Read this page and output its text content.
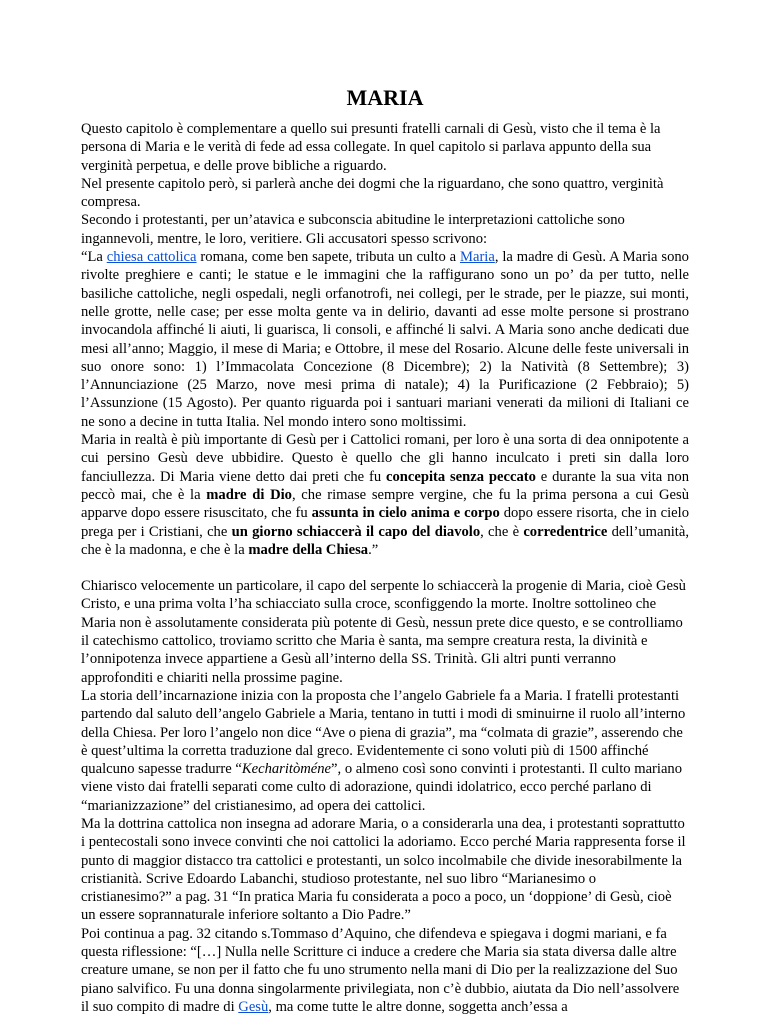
MARIA

Questo capitolo è complementare a quello sui presunti fratelli carnali di Gesù, visto che il tema è la persona di Maria e le verità di fede ad essa collegate. In quel capitolo si parlava appunto della sua verginità perpetua, e delle prove bibliche a riguardo.

Nel presente capitolo però, si parlerà anche dei dogmi che la riguardano, che sono quattro, verginità compresa.

Secondo i protestanti, per un’atavica e subconscia abitudine le interpretazioni cattoliche sono ingannevoli, mentre, le loro, veritiere. Gli accusatori spesso scrivono:

“La chiesa cattolica romana, come ben sapete, tributa un culto a Maria, la madre di Gesù. A Maria sono rivolte preghiere e canti; le statue e le immagini che la raffigurano sono un po’ da per tutto, nelle basiliche cattoliche, negli ospedali, negli orfanotrofi, nei collegi, per le strade, per le piazze, sui monti, nelle grotte, nelle case; per esse molta gente va in delirio, davanti ad esse molte persone si prostrano invocandola affinché li aiuti, li guarisca, li consoli, e affinché li salvi. A Maria sono anche dedicati due mesi all’anno; Maggio, il mese di Maria; e Ottobre, il mese del Rosario. Alcune delle feste universali in suo onore sono: 1) l’Immacolata Concezione (8 Dicembre); 2) la Natività (8 Settembre); 3) l’Annunciazione (25 Marzo, nove mesi prima di natale); 4) la Purificazione (2 Febbraio); 5) l’Assunzione (15 Agosto). Per quanto riguarda poi i santuari mariani venerati da milioni di Italiani ce ne sono a decine in tutta Italia. Nel mondo intero sono moltissimi.

Maria in realtà è più importante di Gesù per i Cattolici romani, per loro è una sorta di dea onnipotente a cui persino Gesù deve ubbidire. Questo è quello che gli hanno inculcato i preti sin dalla loro fanciullezza. Di Maria viene detto dai preti che fu concepita senza peccato e durante la sua vita non peccò mai, che è la madre di Dio, che rimase sempre vergine, che fu la prima persona a cui Gesù apparve dopo essere risuscitato, che fu assunta in cielo anima e corpo dopo essere risorta, che in cielo prega per i Cristiani, che un giorno schiaccerà il capo del diavolo, che è corredentrice dell’umanità, che è la madonna, e che è la madre della Chiesa.”

Chiarisco velocemente un particolare, il capo del serpente lo schiaccerà la progenie di Maria, cioè Gesù Cristo, e una prima volta l’ha schiacciato sulla croce, sconfiggendo la morte. Inoltre sottolineo che Maria non è assolutamente considerata più potente di Gesù, nessun prete dice questo, e se controlliamo il catechismo cattolico, troviamo scritto che Maria è santa, ma sempre creatura resta, la divinità e l’onnipotenza invece appartiene a Gesù all’interno della SS. Trinità. Gli altri punti verranno approfonditi e chiariti nella prossime pagine.

La storia dell’incarnazione inizia con la proposta che l’angelo Gabriele fa a Maria. I fratelli protestanti partendo dal saluto dell’angelo Gabriele a Maria, tentano in tutti i modi di sminuirne il ruolo all’interno della Chiesa. Per loro l’angelo non dice “Ave o piena di grazia”, ma “colmata di grazie”, asserendo che è quest’ultima la corretta traduzione dal greco. Evidentemente ci sono voluti più di 1500 affinché qualcuno sapesse tradurre “Kecharitòméne”, o almeno così sono convinti i protestanti. Il culto mariano viene visto dai fratelli separati come culto di adorazione, quindi idolatrico, ecco perché parlano di “marianizzazione” del cristianesimo, ad opera dei cattolici.

Ma la dottrina cattolica non insegna ad adorare Maria, o a considerarla una dea, i protestanti soprattutto i pentecostali sono invece convinti che noi cattolici la adoriamo. Ecco perché Maria rappresenta forse il punto di maggior distacco tra cattolici e protestanti, un solco incolmabile che divide inesorabilmente la cristianità. Scrive Edoardo Labanchi, studioso protestante, nel suo libro “Marianesimo o cristianesimo?” a pag. 31 “In pratica Maria fu considerata a poco a poco, un ‘doppione’ di Gesù, cioè un essere soprannaturale inferiore soltanto a Dio Padre.”

Poi continua a pag. 32 citando s.Tommaso d’Aquino, che difendeva e spiegava i dogmi mariani, e fa questa riflessione: “[…] Nulla nelle Scritture ci induce a credere che Maria sia stata diversa dalle altre creature umane, se non per il fatto che fu uno strumento nella mani di Dio per la realizzazione del Suo piano salvifico. Fu una donna singolarmente privilegiata, non c’è dubbio, aiutata da Dio nell’assolvere il suo compito di madre di Gesù, ma come tutte le altre donne, soggetta anch’essa a
